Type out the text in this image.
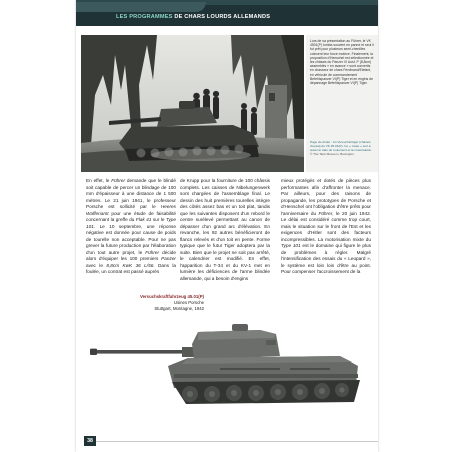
LES PROGRAMMES DE CHARS LOURDS ALLEMANDS
Lors de sa présentation au Führer, le VK 4501(P) tomba souvent en panne et seul il fut prêt pour plusieurs semi-chenilles coincent leur force motrice. Finalement, la proposition d'Henschel est sélectionnée et les châssis du Panzer VI Ausf. P (8,8cm) assemblés « en avance » sont convertis en chasseur de chars Ferdinand/Elefant, en véhicule de commandement Befehlspanzer VI(P) Tiger et en engins de dépannage Befehlspanzer VI(P) Tiger.
Page de droite : Un Versuchsträger (châssis d'essai) du VK 45.01(P). Ce « mulet » sert à tester le train de roulement et la motorisation. © The Tank Museum, Bovington

En effet, le Führer demande que le blindé soit capable de percer un blindage de 100 mm d'épaisseur à une distance de 1 500 mètres. Le 21 juin 1941, le professeur Porsche est sollicité par le Heeres Waffenamt pour une étude de faisabilité concernant la greffe du Flak 41 sur le Type 101. Le 10 septembre, une réponse négative est donnée pour cause de poids de tourelle non acceptable. Pour ne pas grever la future production par l'élaboration d'un tout autre projet, le Führer décide alors d'équiper les 100 premiers Panzer avec le 8,8cm KwK 36 L/56. Dans la foulée, un contrat est passé auprès

de Krupp pour la fourniture de 100 châssis complets. Les caisses de Nibelungenwerk sont chargées de l'assemblage final. Le dessin des huit premières tourelles intègre des côtés assez bas et un toit plat, tandis que les suivantes disposent d'un rebord le centre surélevé permettant au canon de dépasser d'un grand arc d'élévation. En revanche, les 92 autres bénéficieront de flancs relevés et d'un toit en pente. Forme typique que le futur Tiger adoptera par la suite. Bien que le projet ne soit pas arrêté, le calendrier est modifié. En effet, l'apparition du T-34 et du KV-1 met en lumière les déficiences de l'arme blindée allemande, qui a besoin d'engins

mieux protégés et dotés de pièces plus performantes afin d'affronter la menace. Par ailleurs, pour des raisons de propagande, les prototypes de Porsche et d'Henschel ont l'obligation d'être prêts pour l'anniversaire du Führer, le 20 juin 1942. Le délai est considéré comme trop court, mais le situation sur le front de l'Est et les exigences d'Hitler sont des facteurs incompressibles. La motorisation mixte du Type 101 est le domaine qui figure le plus de problèmes à régler. Malgré l'intensification des essais du « Leopard », le système est loin loin d'être au point. Pour compenser l'accroissement de la

Versuchskraftfahrzeug 45.01(P)
Usines Porsche
Stuttgart, Montagne, 1942
38
